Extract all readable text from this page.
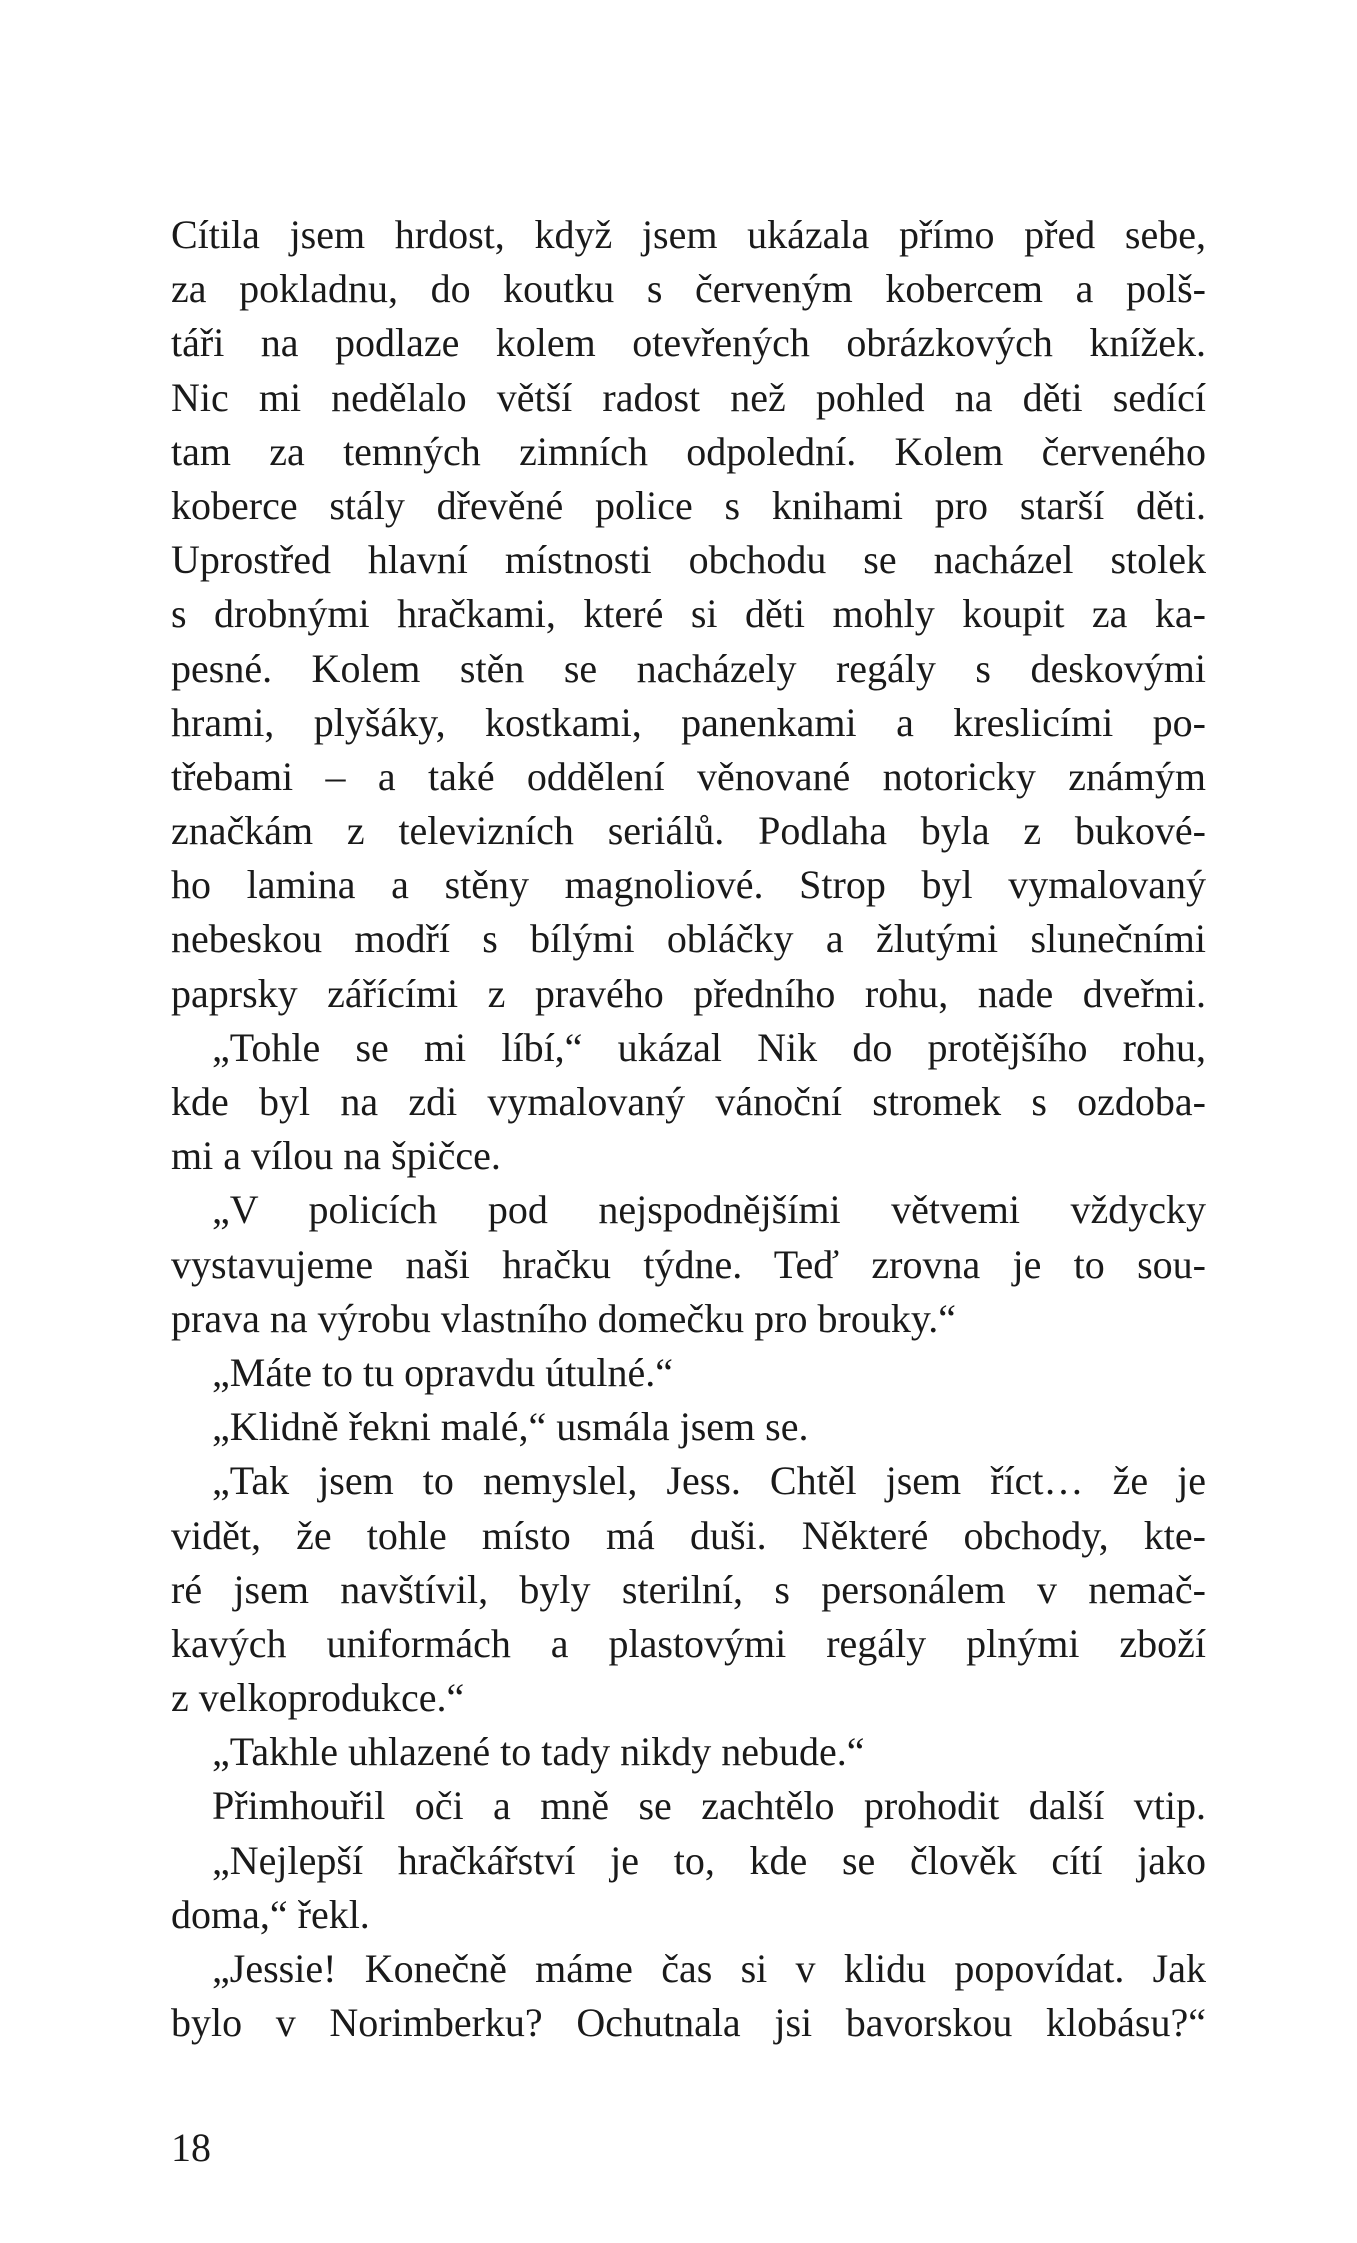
Cítila jsem hrdost, když jsem ukázala přímo před sebe,
za pokladnu, do koutku s červeným kobercem a polš-
táři na podlaze kolem otevřených obrázkových knížek.
Nic mi nedělalo větší radost než pohled na děti sedící
tam za temných zimních odpolední. Kolem červeného
koberce stály dřevěné police s knihami pro starší děti.
Uprostřed hlavní místnosti obchodu se nacházel stolek
s drobnými hračkami, které si děti mohly koupit za ka-
pesné. Kolem stěn se nacházely regály s deskovými
hrami, plyšáky, kostkami, panenkami a kreslicími po-
třebami – a také oddělení věnované notoricky známým
značkám z televizních seriálů. Podlaha byla z bukové-
ho lamina a stěny magnoliové. Strop byl vymalovaný
nebeskou modří s bílými obláčky a žlutými slunečními
paprsky zářícími z pravého předního rohu, nade dveřmi.
„Tohle se mi líbí,“ ukázal Nik do protějšího rohu,
kde byl na zdi vymalovaný vánoční stromek s ozdoba-
mi a vílou na špičce.
„V policích pod nejspodnějšími větvemi vždycky
vystavujeme naši hračku týdne. Teď zrovna je to sou-
prava na výrobu vlastního domečku pro brouky.“
„Máte to tu opravdu útulné.“
„Klidně řekni malé,“ usmála jsem se.
„Tak jsem to nemyslel, Jess. Chtěl jsem říct… že je
vidět, že tohle místo má duši. Některé obchody, kte-
ré jsem navštívil, byly sterilní, s personálem v nemač-
kavých uniformách a plastovými regály plnými zboží
z velkoprodukce.“
„Takhle uhlazené to tady nikdy nebude.“
Přimhouřil oči a mně se zachtělo prohodit další vtip.
„Nejlepší hračkářství je to, kde se člověk cítí jako
doma,“ řekl.
„Jessie! Konečně máme čas si v klidu popovídat. Jak
bylo v Norimberku? Ochutnala jsi bavorskou klobásu?“
18
